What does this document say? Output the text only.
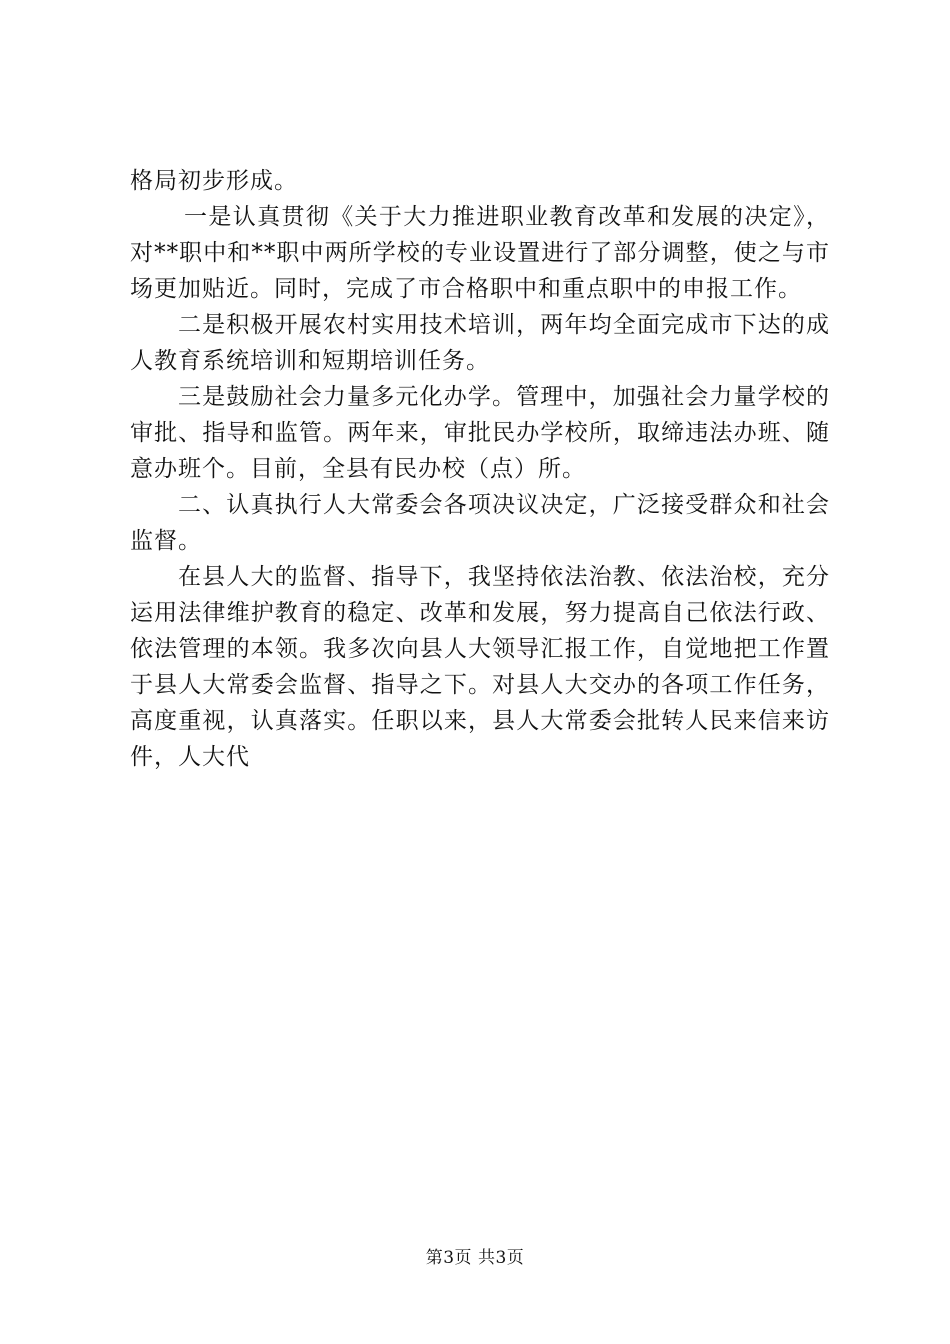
格局初步形成。

一是认真贯彻《关于大力推进职业教育改革和发展的决定》，对**职中和**职中两所学校的专业设置进行了部分调整，使之与市场更加贴近。同时，完成了市合格职中和重点职中的申报工作。

二是积极开展农村实用技术培训，两年均全面完成市下达的成人教育系统培训和短期培训任务。

三是鼓励社会力量多元化办学。管理中，加强社会力量学校的审批、指导和监管。两年来，审批民办学校所，取缔违法办班、随意办班个。目前，全县有民办校（点）所。

二、认真执行人大常委会各项决议决定，广泛接受群众和社会监督。

在县人大的监督、指导下，我坚持依法治教、依法治校，充分运用法律维护教育的稳定、改革和发展，努力提高自己依法行政、依法管理的本领。我多次向县人大领导汇报工作，自觉地把工作置于县人大常委会监督、指导之下。对县人大交办的各项工作任务，高度重视，认真落实。任职以来，县人大常委会批转人民来信来访件，人大代

第3页 共3页
